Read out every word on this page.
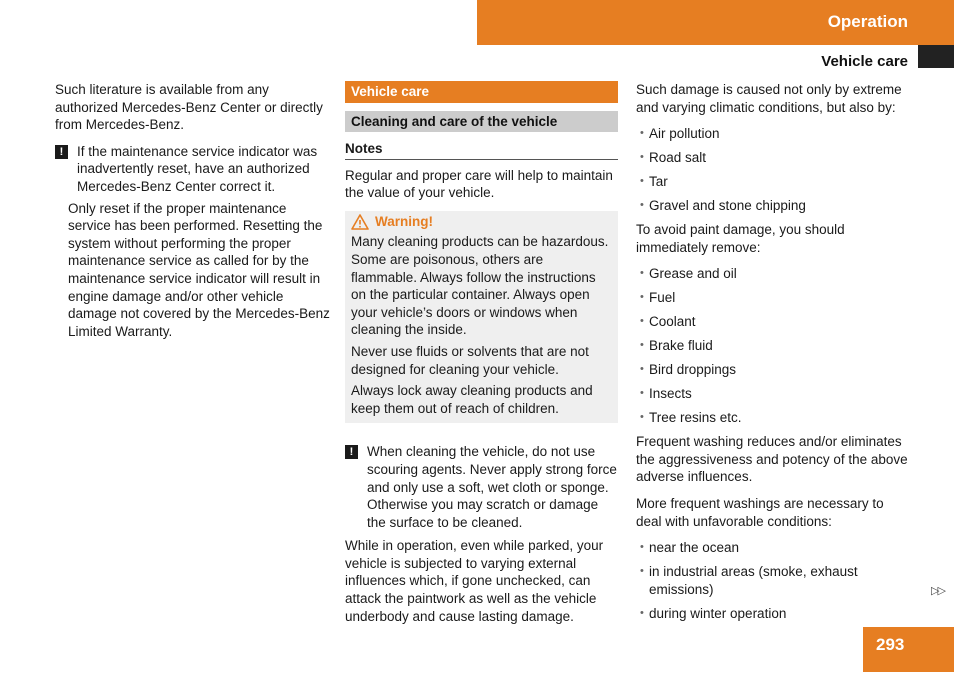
Operation
Vehicle care

Such literature is available from any authorized Mercedes-Benz Center or directly from Mercedes-Benz.

!	If the maintenance service indicator was inadvertently reset, have an authorized Mercedes-Benz Center correct it.

Only reset if the proper maintenance service has been performed. Resetting the system without performing the proper maintenance service as called for by the maintenance service indicator will result in engine damage and/or other vehicle damage not covered by the Mercedes-Benz Limited Warranty.

Vehicle care
Cleaning and care of the vehicle
Notes

Regular and proper care will help to maintain the value of your vehicle.

Warning!

Many cleaning products can be hazardous. Some are poisonous, others are flammable. Always follow the instructions on the particular container. Always open your vehicle’s doors or windows when cleaning the inside.

Never use fluids or solvents that are not designed for cleaning your vehicle.

Always lock away cleaning products and keep them out of reach of children.

!	When cleaning the vehicle, do not use scouring agents. Never apply strong force and only use a soft, wet cloth or sponge. Otherwise you may scratch or damage the surface to be cleaned.

While in operation, even while parked, your vehicle is subjected to varying external influences which, if gone unchecked, can attack the paintwork as well as the vehicle underbody and cause lasting damage.

Such damage is caused not only by extreme and varying climatic conditions, but also by:

• Air pollution
• Road salt
• Tar
• Gravel and stone chipping

To avoid paint damage, you should immediately remove:

• Grease and oil
• Fuel
• Coolant
• Brake fluid
• Bird droppings
• Insects
• Tree resins etc.

Frequent washing reduces and/or eliminates the aggressiveness and potency of the above adverse influences.

More frequent washings are necessary to deal with unfavorable conditions:

• near the ocean
• in industrial areas (smoke, exhaust emissions)
• during winter operation
▷▷
293
